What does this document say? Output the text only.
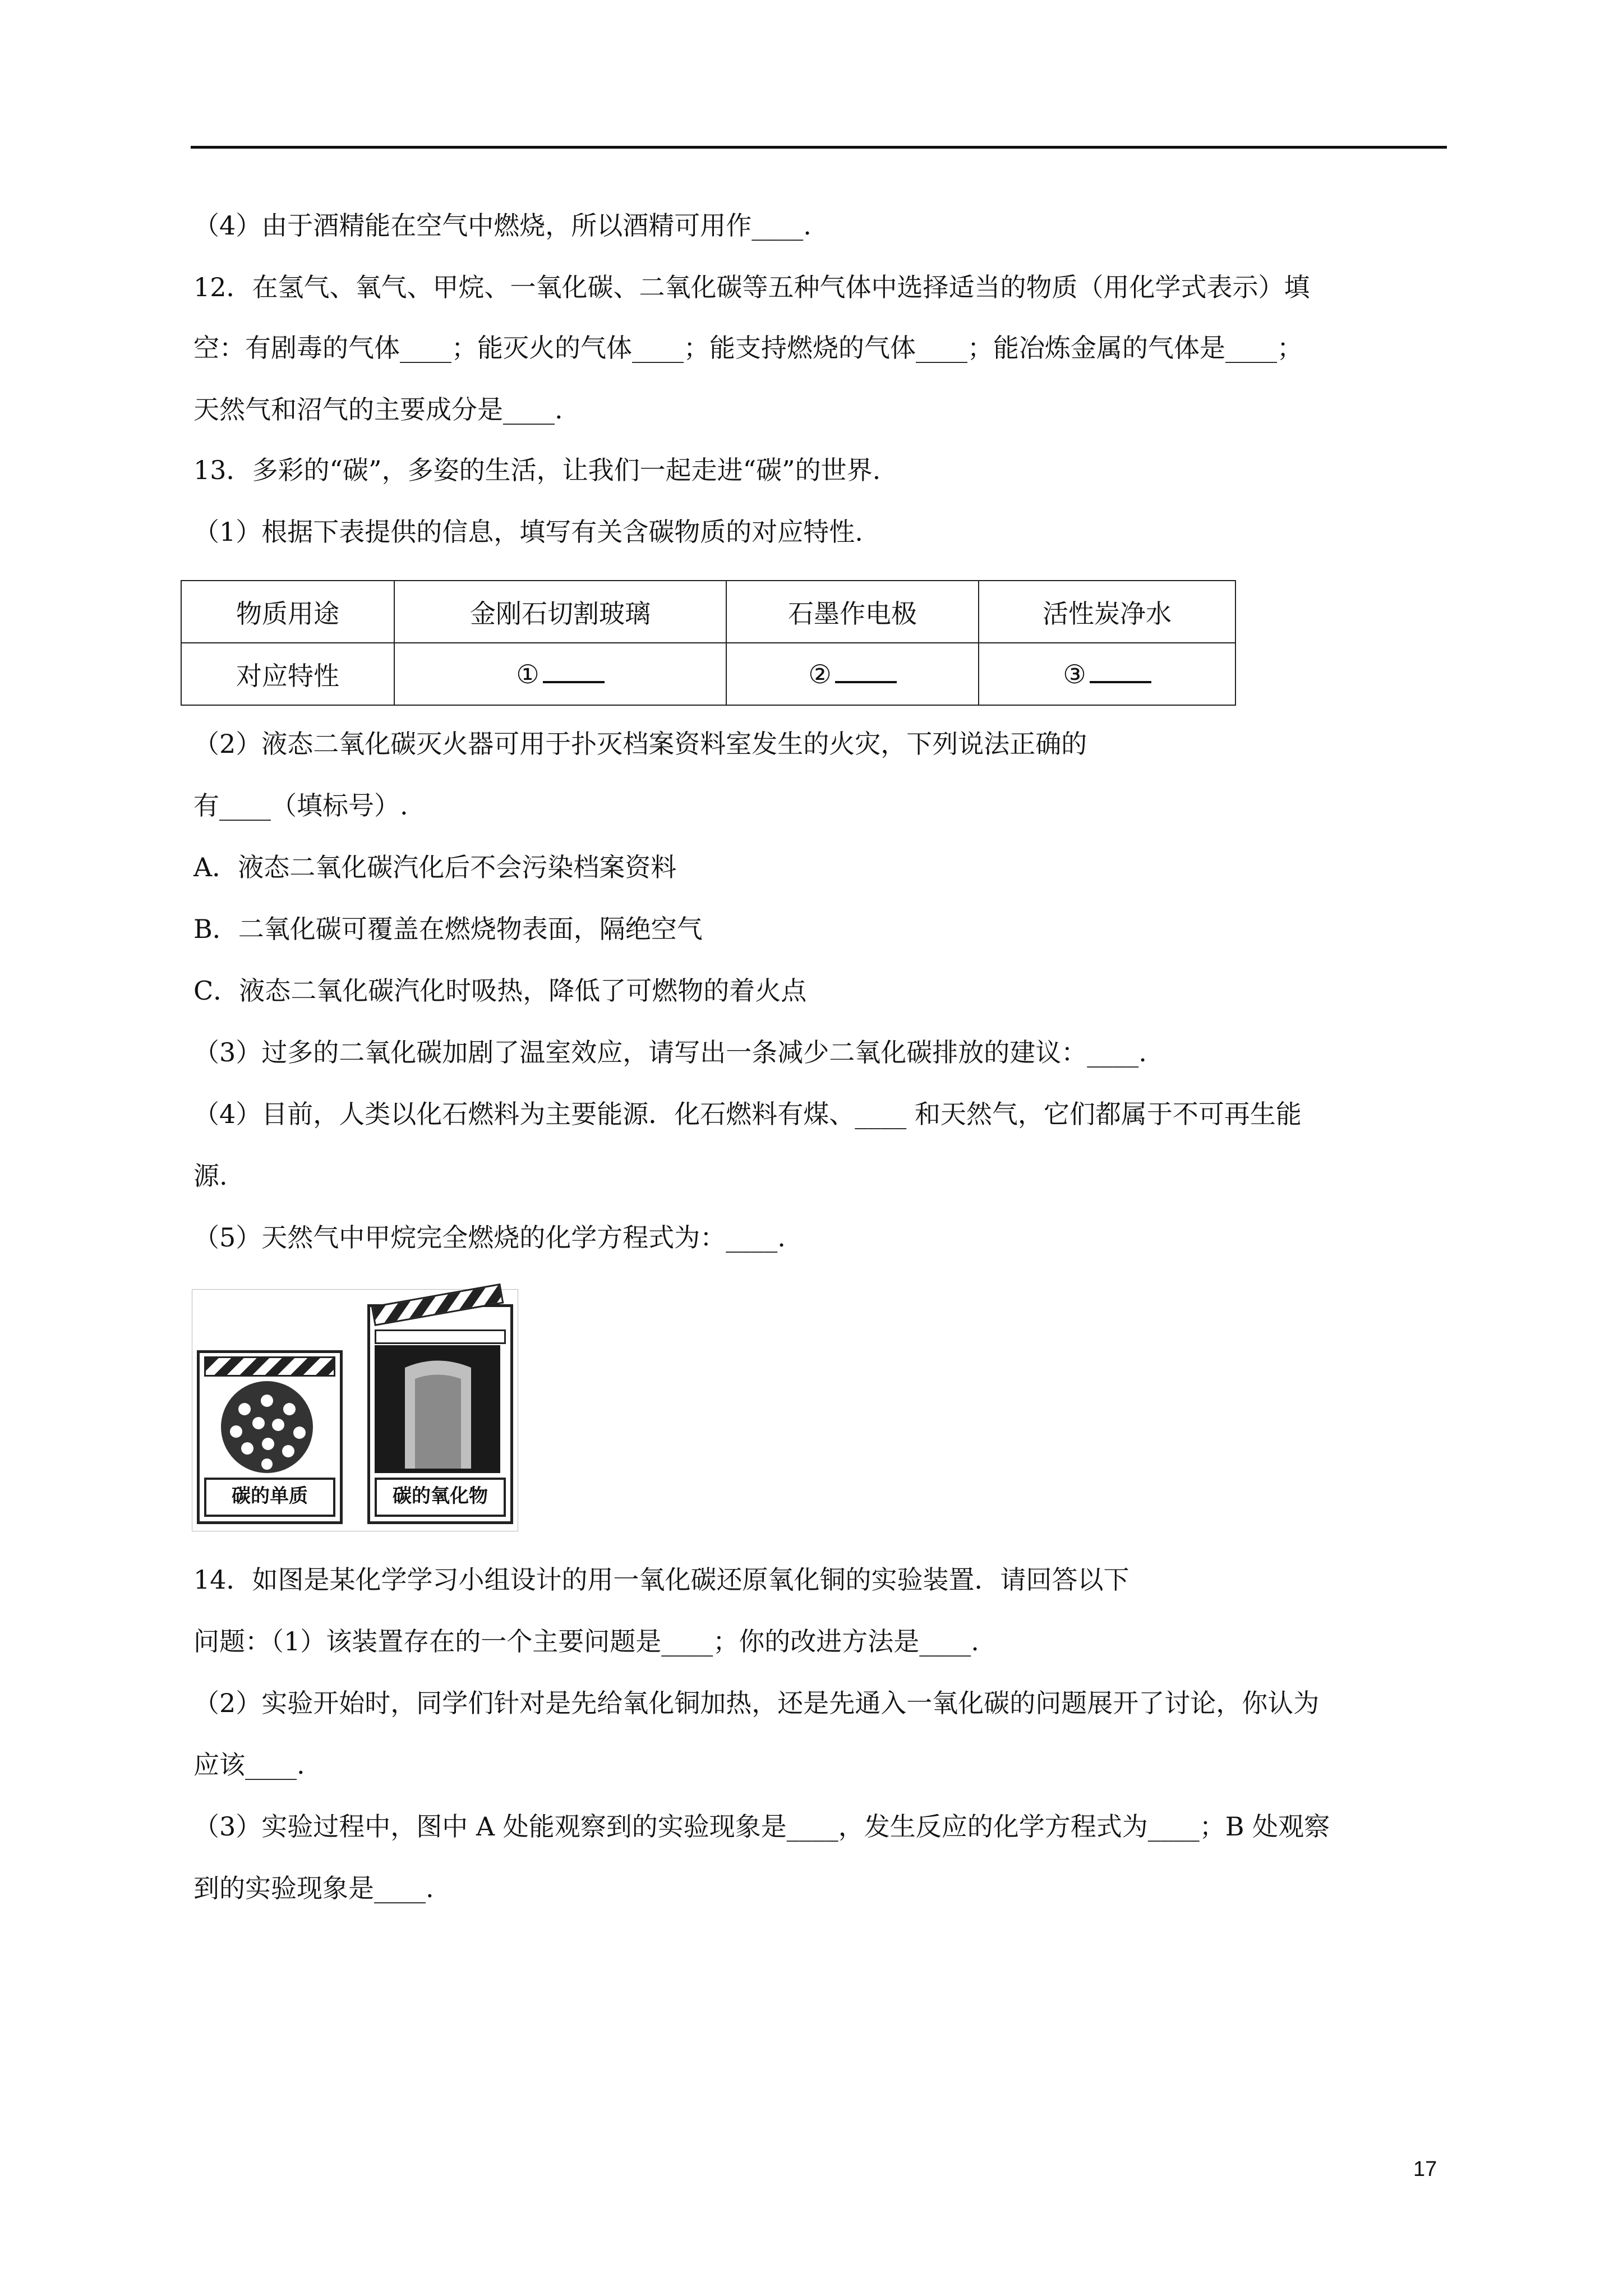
（4）由于酒精能在空气中燃烧，所以酒精可用作____.
12．在氢气、氧气、甲烷、一氧化碳、二氧化碳等五种气体中选择适当的物质（用化学式表示）填
空：有剧毒的气体____；能灭火的气体____；能支持燃烧的气体____；能冶炼金属的气体是____；
天然气和沼气的主要成分是____.
13．多彩的“碳”，多姿的生活，让我们一起走进“碳”的世界.
（1）根据下表提供的信息，填写有关含碳物质的对应特性.
物质用途	金刚石切割玻璃	石墨作电极	活性炭净水
对应特性	①	②	③
（2）液态二氧化碳灭火器可用于扑灭档案资料室发生的火灾，下列说法正确的
有____（填标号）.
A．液态二氧化碳汽化后不会污染档案资料
B．二氧化碳可覆盖在燃烧物表面，隔绝空气
C．液态二氧化碳汽化时吸热，降低了可燃物的着火点
（3）过多的二氧化碳加剧了温室效应，请写出一条减少二氧化碳排放的建议：____.
（4）目前，人类以化石燃料为主要能源．化石燃料有煤、____ 和天然气，它们都属于不可再生能
源.
（5）天然气中甲烷完全燃烧的化学方程式为：____.
碳的单质	碳的氧化物
14．如图是某化学学习小组设计的用一氧化碳还原氧化铜的实验装置．请回答以下
问题：（1）该装置存在的一个主要问题是____；你的改进方法是____.
（2）实验开始时，同学们针对是先给氧化铜加热，还是先通入一氧化碳的问题展开了讨论，你认为
应该____.
（3）实验过程中，图中 A 处能观察到的实验现象是____，发生反应的化学方程式为____；B 处观察
到的实验现象是____.
17
